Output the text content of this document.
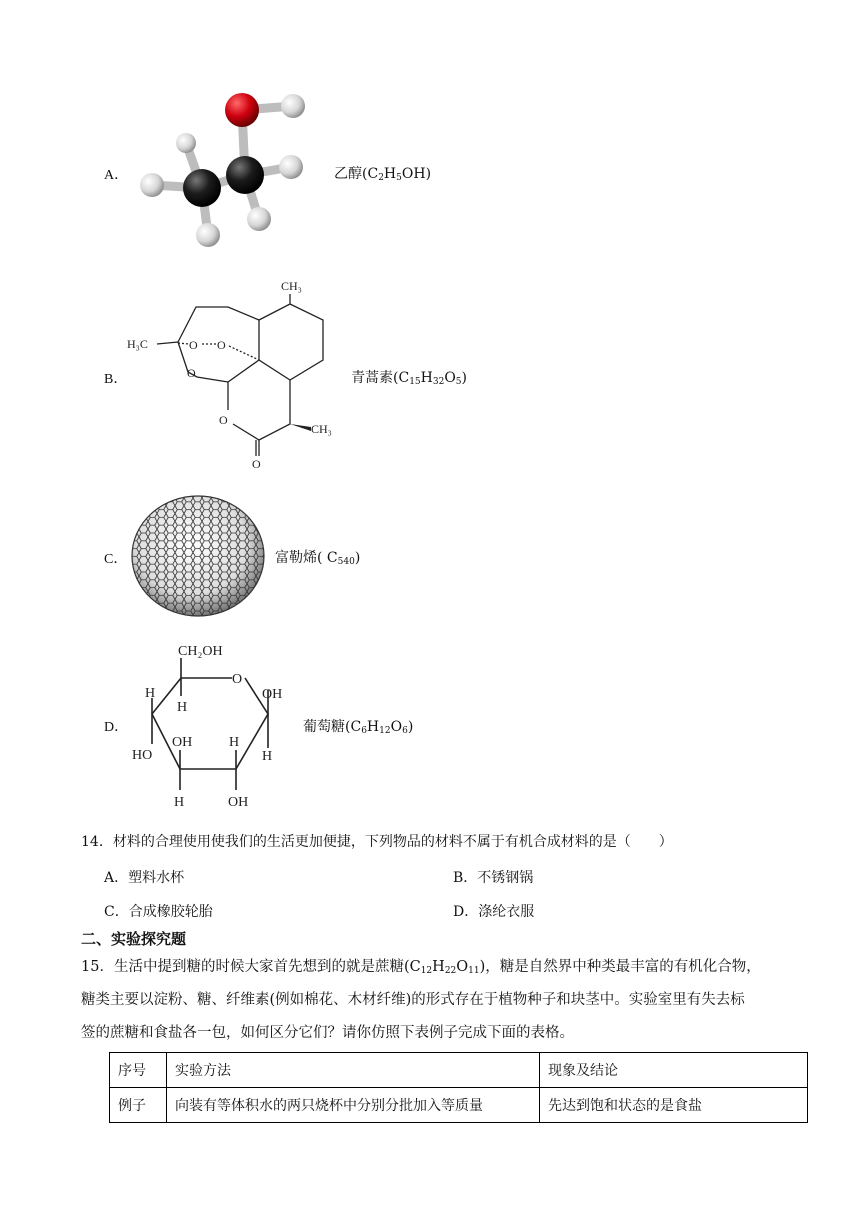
A．	乙醇$(C_2H_5OH)$
B．
CH₃
H₃C	O O
O
O
O
CH₃
青蒿素$(C_{15}H_{32}O_5)$
C．	富勒烯( $C_{540}$)
D．
CH₂OH
O
H
H
OH
HO
OH	H
H
H	OH
葡萄糖$(C_6H_{12}O_6)$
14．材料的合理使用使我们的生活更加便捷，下列物品的材料不属于有机合成材料的是（　　）
A．塑料水杯	B．不锈钢锅
C．合成橡胶轮胎	D．涤纶衣服
二、实验探究题
15．生活中提到糖的时候大家首先想到的就是蔗糖$(C_{12}H_{22}O_{11})$，糖是自然界中种类最丰富的有机化合物，
糖类主要以淀粉、糖、纤维素(例如棉花、木材纤维)的形式存在于植物种子和块茎中。实验室里有失去标
签的蔗糖和食盐各一包，如何区分它们？请你仿照下表例子完成下面的表格。
序号	实验方法	现象及结论
例子	向装有等体积水的两只烧杯中分别分批加入等质量	先达到饱和状态的是食盐
